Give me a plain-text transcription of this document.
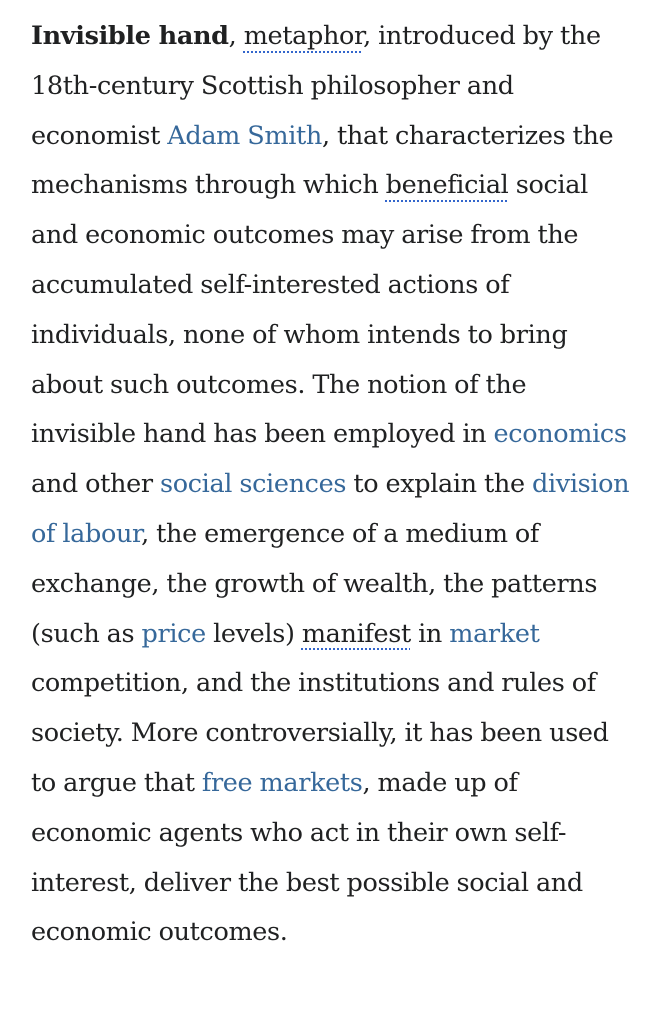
Invisible hand, metaphor, introduced by the 18th-century Scottish philosopher and economist Adam Smith, that characterizes the mechanisms through which beneficial social and economic outcomes may arise from the accumulated self-interested actions of individuals, none of whom intends to bring about such outcomes. The notion of the invisible hand has been employed in economics and other social sciences to explain the division of labour, the emergence of a medium of exchange, the growth of wealth, the patterns (such as price levels) manifest in market competition, and the institutions and rules of society. More controversially, it has been used to argue that free markets, made up of economic agents who act in their own self-interest, deliver the best possible social and economic outcomes.
